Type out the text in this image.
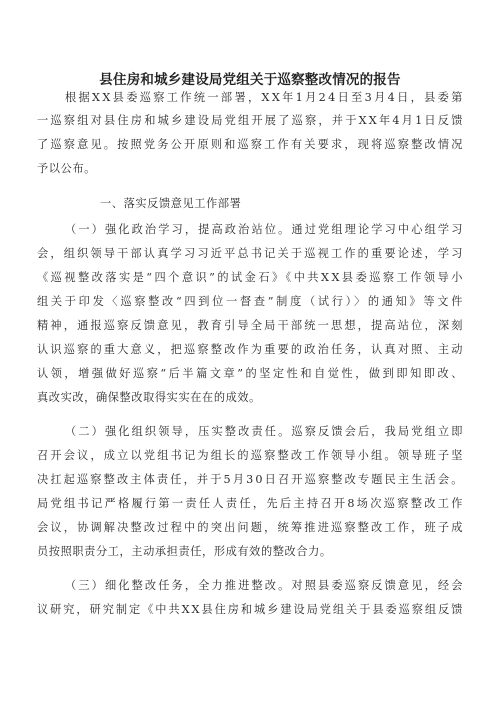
县住房和城乡建设局党组关于巡察整改情况的报告
根据XX县委巡察工作统一部署，XX年1月24日至3月4日，县委第
一巡察组对县住房和城乡建设局党组开展了巡察，并于XX年4月1日反馈
了巡察意见。按照党务公开原则和巡察工作有关要求，现将巡察整改情况
予以公布。
一、落实反馈意见工作部署
（一）强化政治学习，提高政治站位。通过党组理论学习中心组学习
会，组织领导干部认真学习习近平总书记关于巡视工作的重要论述，学习
《巡视整改落实是“四个意识”的试金石》《中共XX县委巡察工作领导小
组关于印发〈巡察整改“四到位一督查”制度（试行）〉的通知》等文件
精神，通报巡察反馈意见，教育引导全局干部统一思想，提高站位，深刻
认识巡察的重大意义，把巡察整改作为重要的政治任务，认真对照、主动
认领，增强做好巡察“后半篇文章”的坚定性和自觉性，做到即知即改、
真改实改，确保整改取得实实在在的成效。
（二）强化组织领导，压实整改责任。巡察反馈会后，我局党组立即
召开会议，成立以党组书记为组长的巡察整改工作领导小组。领导班子坚
决扛起巡察整改主体责任，并于5月30日召开巡察整改专题民主生活会。
局党组书记严格履行第一责任人责任，先后主持召开8场次巡察整改工作
会议，协调解决整改过程中的突出问题，统筹推进巡察整改工作，班子成
员按照职责分工，主动承担责任，形成有效的整改合力。
（三）细化整改任务，全力推进整改。对照县委巡察反馈意见，经会
议研究，研究制定《中共XX县住房和城乡建设局党组关于县委巡察组反馈
